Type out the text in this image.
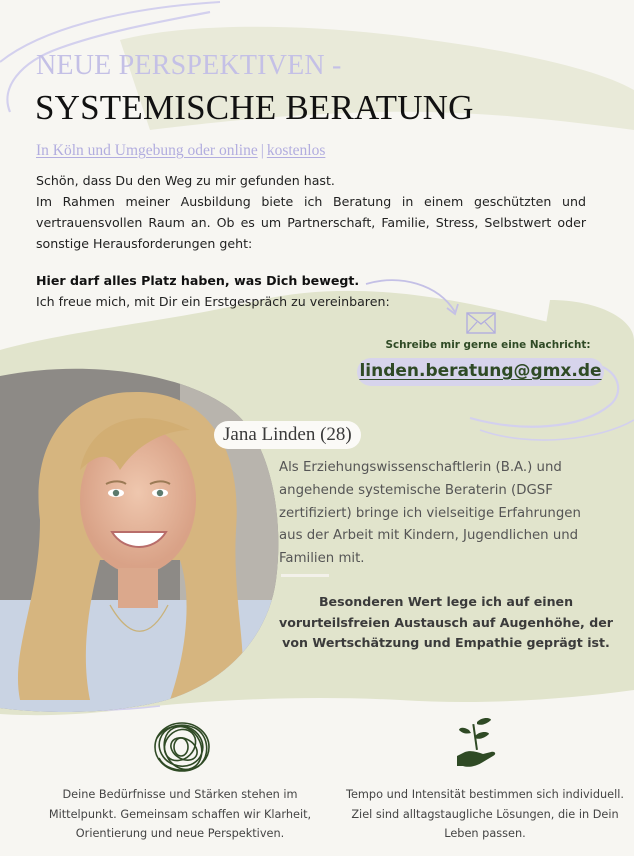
NEUE PERSPEKTIVEN -
SYSTEMISCHE BERATUNG
In Köln und Umgebung oder online | kostenlos

Schön, dass Du den Weg zu mir gefunden hast.

Im Rahmen meiner Ausbildung biete ich Beratung in einem geschützten und vertrauensvollen Raum an. Ob es um Partnerschaft, Familie, Stress, Selbstwert oder sonstige Herausforderungen geht:

Hier darf alles Platz haben, was Dich bewegt.
Ich freue mich, mit Dir ein Erstgespräch zu vereinbaren:
Schreibe mir gerne eine Nachricht:
linden.beratung@gmx.de
Jana Linden (28)
Als Erziehungswissenschaftlerin (B.A.) und angehende systemische Beraterin (DGSF zertifiziert) bringe ich vielseitige Erfahrungen aus der Arbeit mit Kindern, Jugendlichen und Familien mit.
Besonderen Wert lege ich auf einen vorurteilsfreien Austausch auf Augenhöhe, der von Wertschätzung und Empathie geprägt ist.
Deine Bedürfnisse und Stärken stehen im Mittelpunkt. Gemeinsam schaffen wir Klarheit, Orientierung und neue Perspektiven.
Tempo und Intensität bestimmen sich individuell. Ziel sind alltagstaugliche Lösungen, die in Dein Leben passen.
